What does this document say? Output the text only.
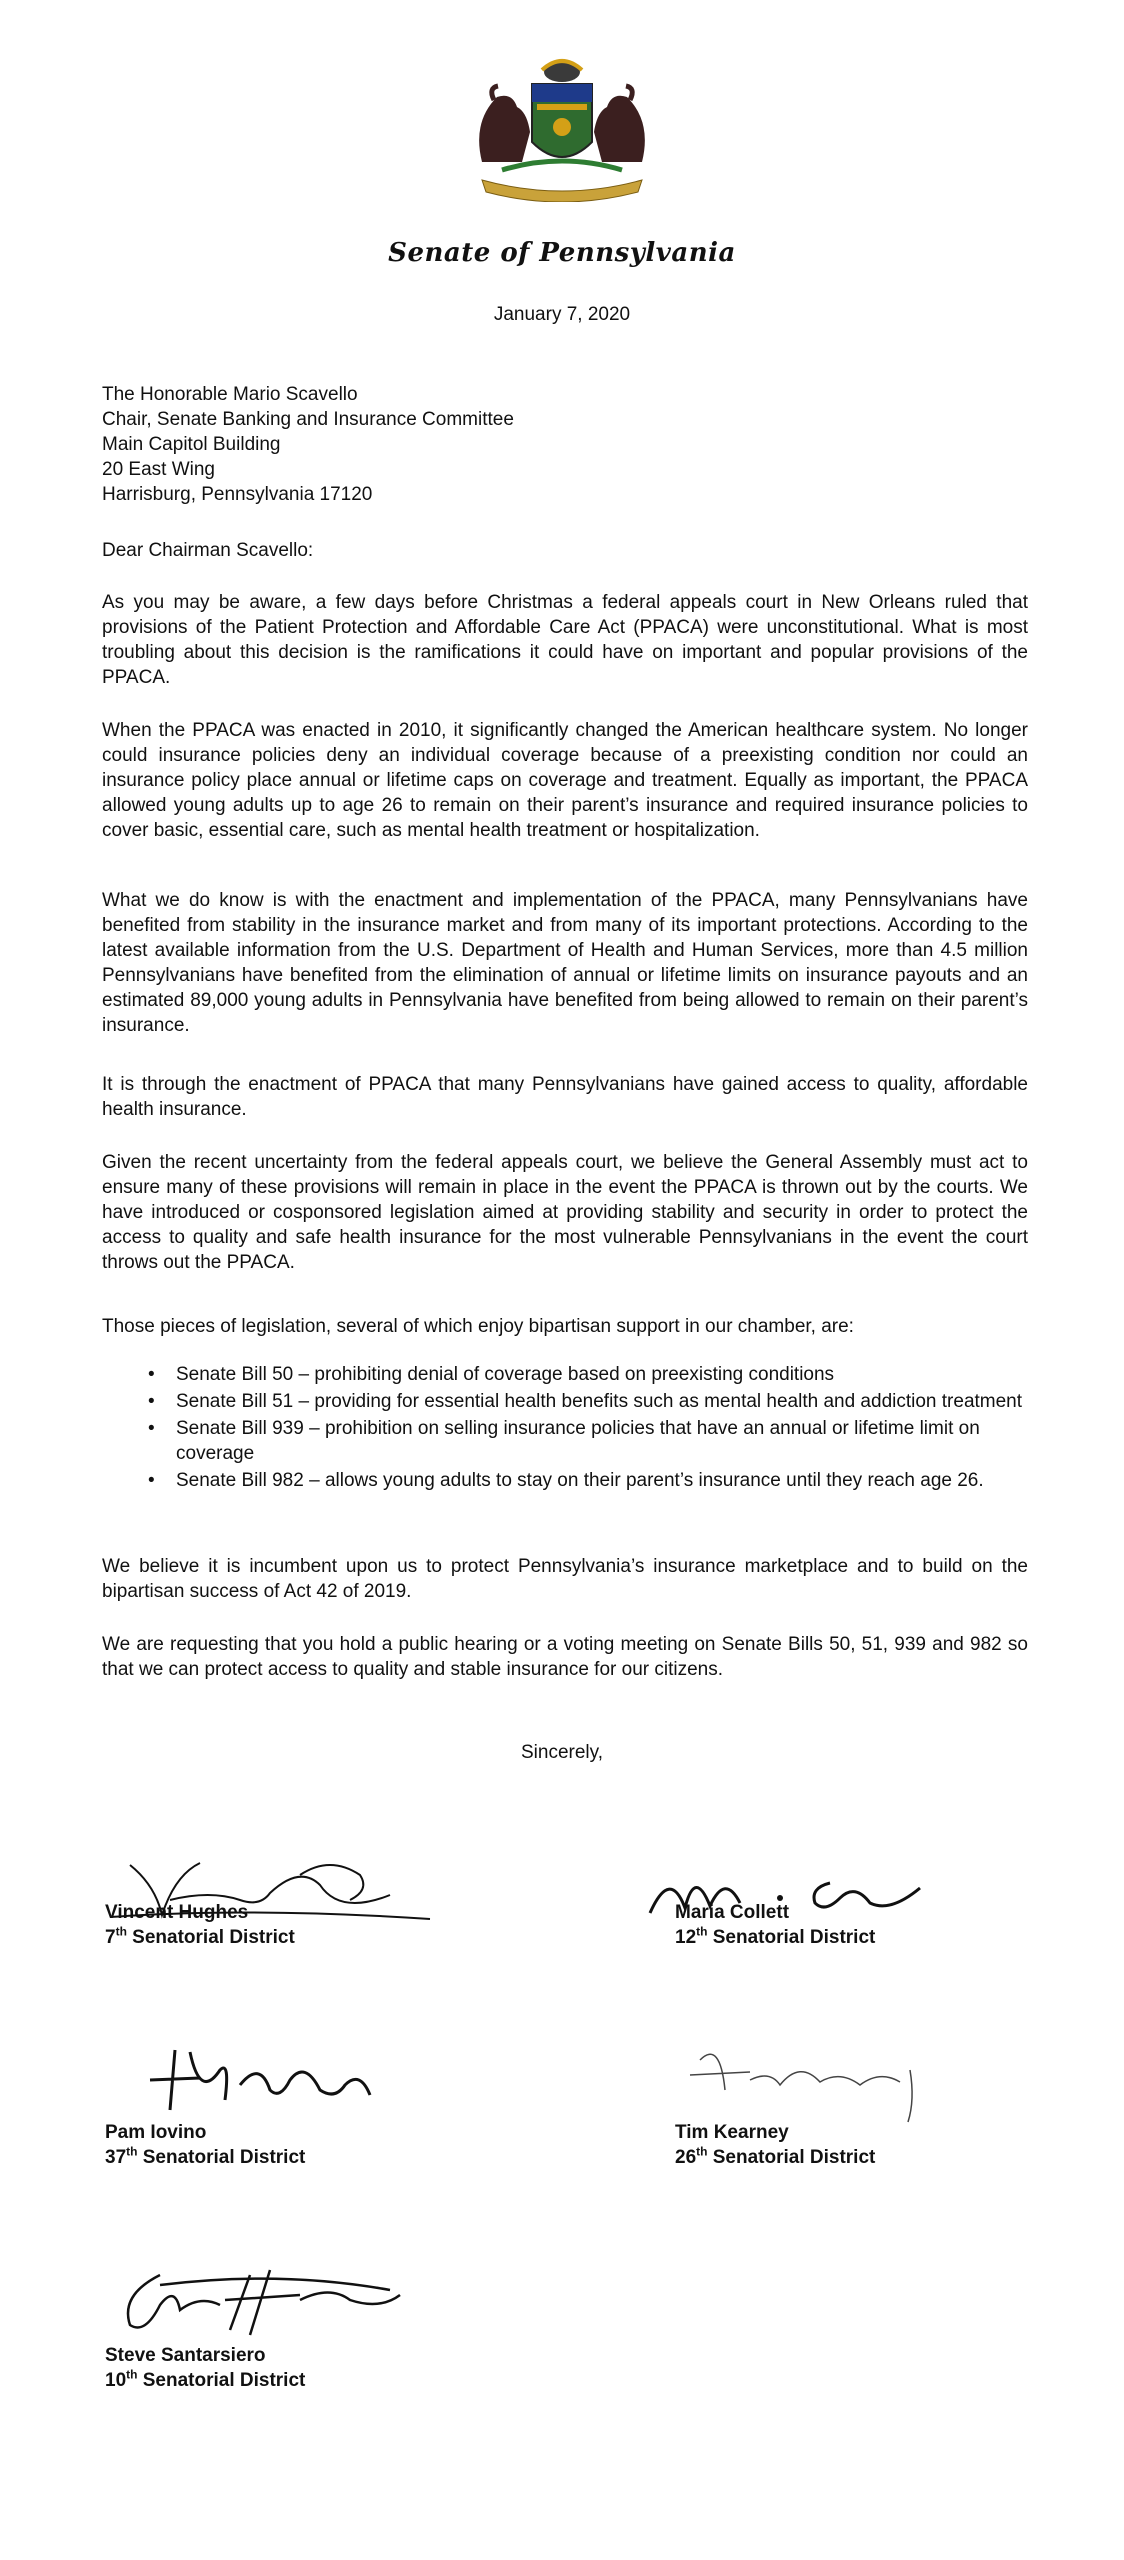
Senate of Pennsylvania
January 7, 2020
The Honorable Mario Scavello
Chair, Senate Banking and Insurance Committee
Main Capitol Building
20 East Wing
Harrisburg, Pennsylvania 17120
Dear Chairman Scavello:

As you may be aware, a few days before Christmas a federal appeals court in New Orleans ruled that provisions of the Patient Protection and Affordable Care Act (PPACA) were unconstitutional. What is most troubling about this decision is the ramifications it could have on important and popular provisions of the PPACA.

When the PPACA was enacted in 2010, it significantly changed the American healthcare system. No longer could insurance policies deny an individual coverage because of a preexisting condition nor could an insurance policy place annual or lifetime caps on coverage and treatment. Equally as important, the PPACA allowed young adults up to age 26 to remain on their parent’s insurance and required insurance policies to cover basic, essential care, such as mental health treatment or hospitalization.

What we do know is with the enactment and implementation of the PPACA, many Pennsylvanians have benefited from stability in the insurance market and from many of its important protections. According to the latest available information from the U.S. Department of Health and Human Services, more than 4.5 million Pennsylvanians have benefited from the elimination of annual or lifetime limits on insurance payouts and an estimated 89,000 young adults in Pennsylvania have benefited from being allowed to remain on their parent’s insurance.

It is through the enactment of PPACA that many Pennsylvanians have gained access to quality, affordable health insurance.

Given the recent uncertainty from the federal appeals court, we believe the General Assembly must act to ensure many of these provisions will remain in place in the event the PPACA is thrown out by the courts. We have introduced or cosponsored legislation aimed at providing stability and security in order to protect the access to quality and safe health insurance for the most vulnerable Pennsylvanians in the event the court throws out the PPACA.

Those pieces of legislation, several of which enjoy bipartisan support in our chamber, are:
• Senate Bill 50 – prohibiting denial of coverage based on preexisting conditions
• Senate Bill 51 – providing for essential health benefits such as mental health and addiction treatment
• Senate Bill 939 – prohibition on selling insurance policies that have an annual or lifetime limit on coverage
• Senate Bill 982 – allows young adults to stay on their parent’s insurance until they reach age 26.

We believe it is incumbent upon us to protect Pennsylvania’s insurance marketplace and to build on the bipartisan success of Act 42 of 2019.

We are requesting that you hold a public hearing or a voting meeting on Senate Bills 50, 51, 939 and 982 so that we can protect access to quality and stable insurance for our citizens.

Sincerely,
Vincent Hughes
7th Senatorial District
Maria Collett
12th Senatorial District
Pam Iovino
37th Senatorial District
Tim Kearney
26th Senatorial District
Steve Santarsiero
10th Senatorial District
